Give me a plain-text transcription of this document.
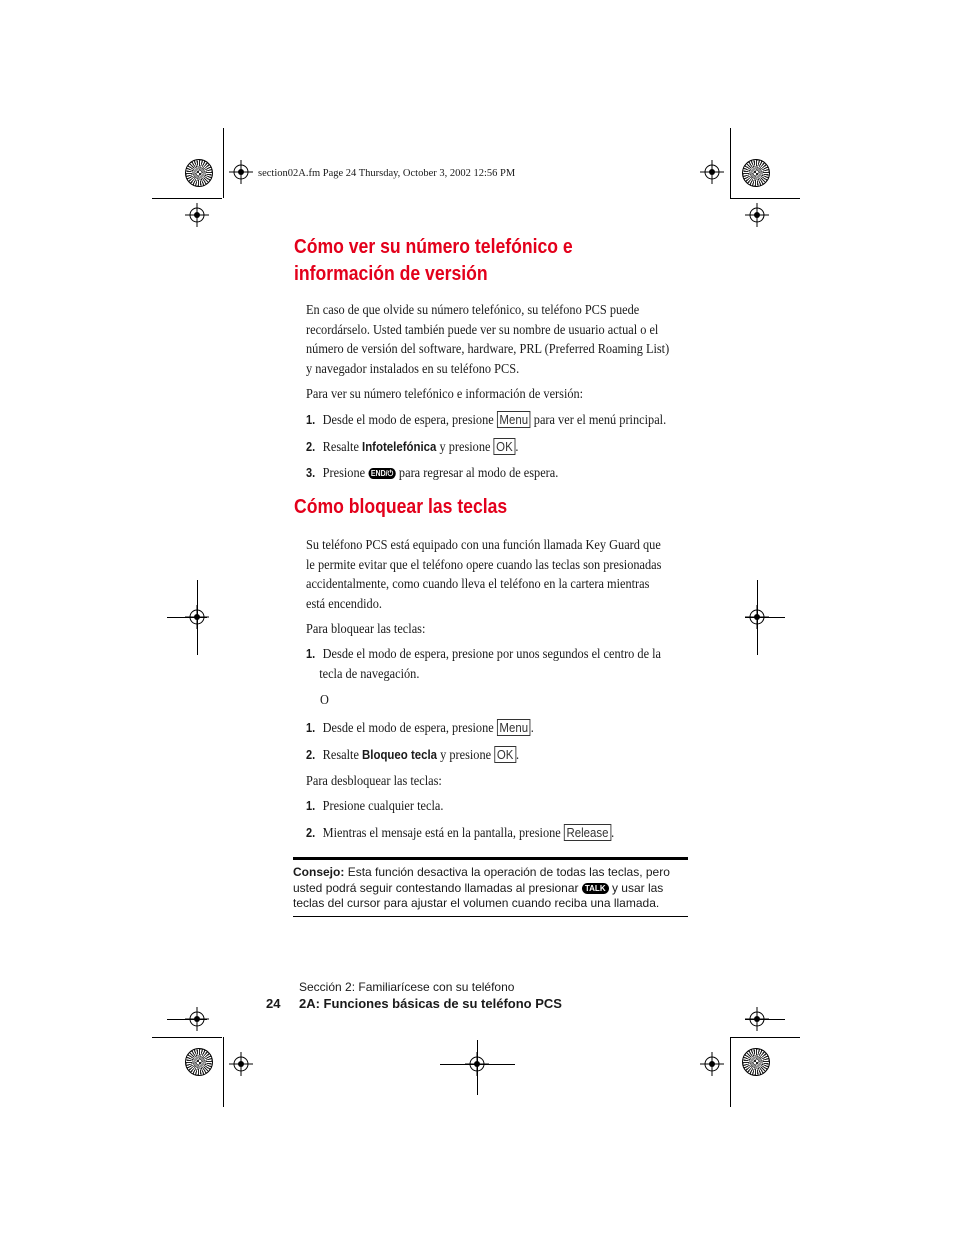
section02A.fm Page 24 Thursday, October 3, 2002 12:56 PM
Cómo ver su número telefónico e
información de versión
En caso de que olvide su número telefónico, su teléfono PCS puede
recordárselo. Usted también puede ver su nombre de usuario actual o el
número de versión del software, hardware, PRL (Preferred Roaming List)
y navegador instalados en su teléfono PCS.
Para ver su número telefónico e información de versión:
1. Desde el modo de espera, presione Menu para ver el menú principal.
2. Resalte Infotelefónica y presione OK .
3. Presione END/⏻ para regresar al modo de espera.
Cómo bloquear las teclas
Su teléfono PCS está equipado con una función llamada Key Guard que
le permite evitar que el teléfono opere cuando las teclas son presionadas
accidentalmente, como cuando lleva el teléfono en la cartera mientras
está encendido.
Para bloquear las teclas:
1. Desde el modo de espera, presione por unos segundos el centro de la
tecla de navegación.
O
1. Desde el modo de espera, presione Menu .
2. Resalte Bloqueo tecla y presione OK .
Para desbloquear las teclas:
1. Presione cualquier tecla.
2. Mientras el mensaje está en la pantalla, presione Release .
Consejo: Esta función desactiva la operación de todas las teclas, pero
usted podrá seguir contestando llamadas al presionar TALK y usar las
teclas del cursor para ajustar el volumen cuando reciba una llamada.
Sección 2: Familiarícese con su teléfono
24 2A: Funciones básicas de su teléfono PCS
